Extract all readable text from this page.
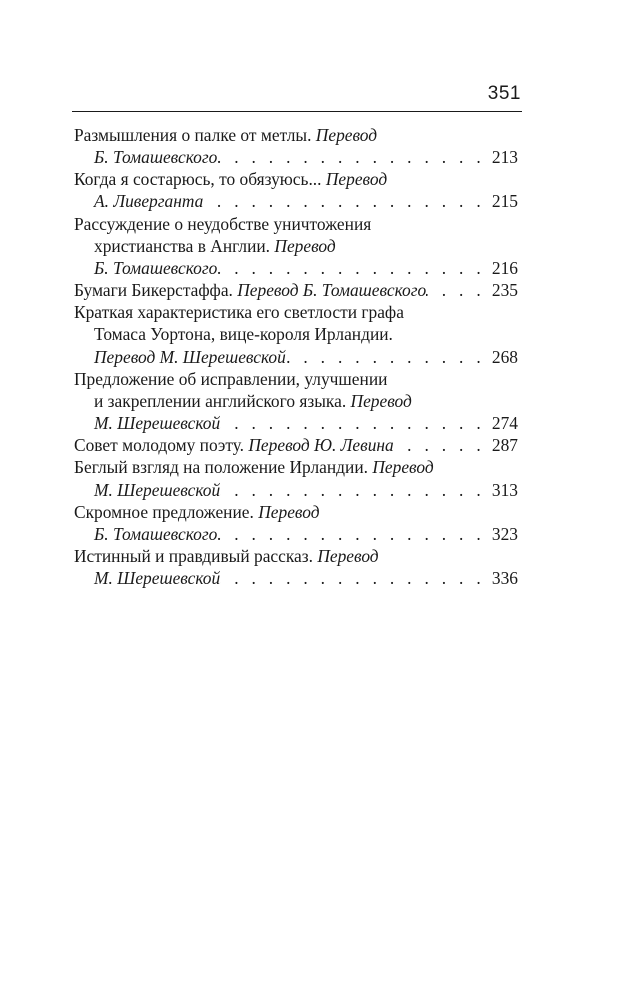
351
Размышления о палке от метлы. Перевод
Б. Томашевского . . .	213
Когда я состарюсь, то обязуюсь... Перевод
А. Ливерганта . . .	215
Рассуждение о неудобстве уничтожения
христианства в Англии. Перевод
Б. Томашевского . . .	216
Бумаги Бикерстаффа. Перевод Б. Томашевского . . .	235
Краткая характеристика его светлости графа
Томаса Уортона, вице-короля Ирландии.
Перевод М. Шерешевской . . .	268
Предложение об исправлении, улучшении
и закреплении английского языка. Перевод
М. Шерешевской . . .	274
Совет молодому поэту. Перевод Ю. Левина . . .	287
Беглый взгляд на положение Ирландии. Перевод
М. Шерешевской . . .	313
Скромное предложение. Перевод
Б. Томашевского . . .	323
Истинный и правдивый рассказ. Перевод
М. Шерешевской . . .	336
